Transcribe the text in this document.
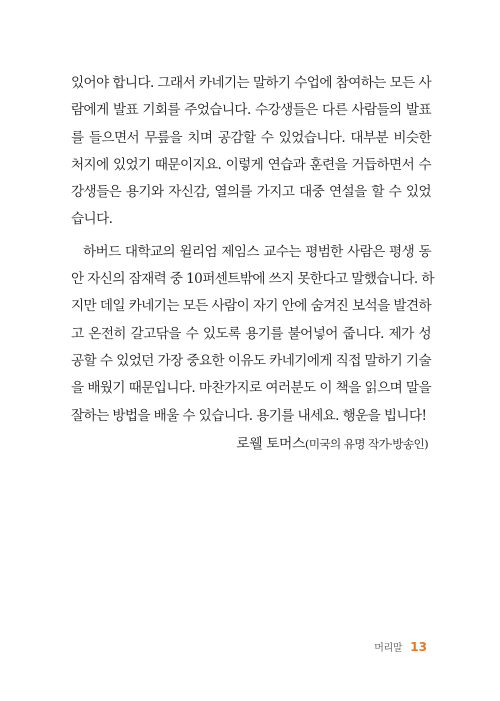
있어야 합니다. 그래서 카네기는 말하기 수업에 참여하는 모든 사
람에게 발표 기회를 주었습니다. 수강생들은 다른 사람들의 발표
를 들으면서 무릎을 치며 공감할 수 있었습니다. 대부분 비슷한
처지에 있었기 때문이지요. 이렇게 연습과 훈련을 거듭하면서 수
강생들은 용기와 자신감, 열의를 가지고 대중 연설을 할 수 있었
습니다.
하버드 대학교의 윌리엄 제임스 교수는 평범한 사람은 평생 동
안 자신의 잠재력 중 10퍼센트밖에 쓰지 못한다고 말했습니다. 하
지만 데일 카네기는 모든 사람이 자기 안에 숨겨진 보석을 발견하
고 온전히 갈고닦을 수 있도록 용기를 불어넣어 줍니다. 제가 성
공할 수 있었던 가장 중요한 이유도 카네기에게 직접 말하기 기술
을 배웠기 때문입니다. 마찬가지로 여러분도 이 책을 읽으며 말을
잘하는 방법을 배울 수 있습니다. 용기를 내세요. 행운을 빕니다!
로웰 토머스(미국의 유명 작가·방송인)
머리말 13
